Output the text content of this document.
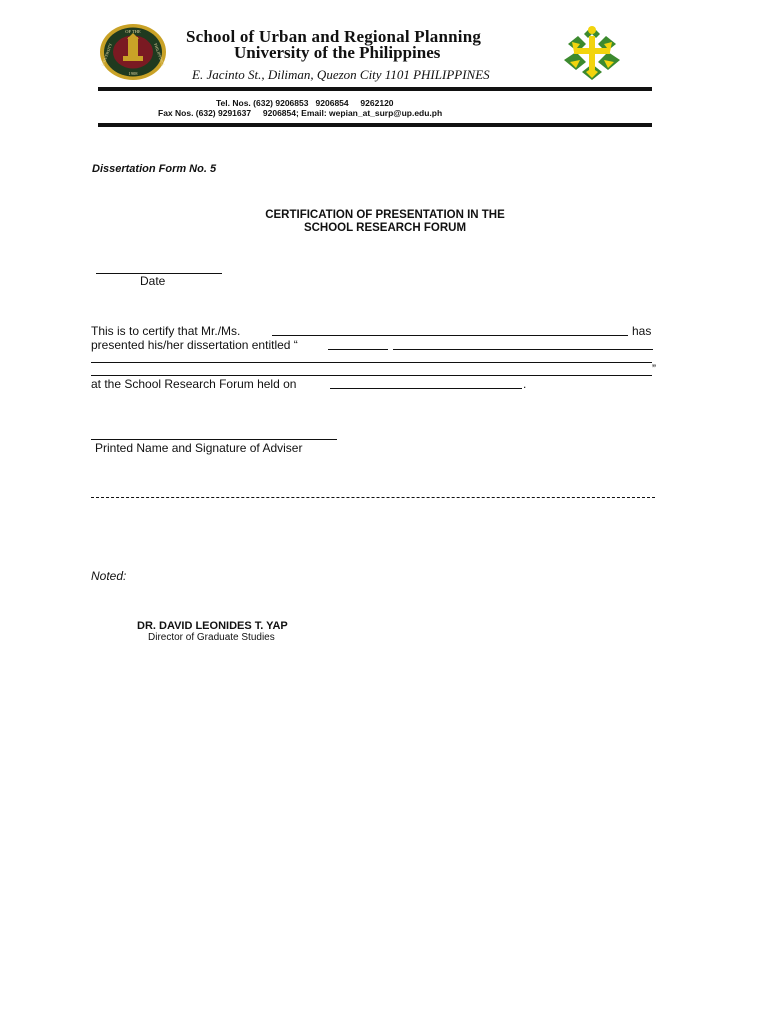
OF THE
UNIVERSITY	PHILIPPINES
1908
School of Urban and Regional Planning
University of the Philippines
E. Jacinto St., Diliman, Quezon City 1101 PHILIPPINES
Tel. Nos. (632) 9206853   9206854     9262120
Fax Nos. (632) 9291637     9206854; Email: wepian_at_surp@up.edu.ph
Dissertation Form No. 5
CERTIFICATION OF PRESENTATION IN THE
SCHOOL RESEARCH FORUM
Date
This is to certify that Mr./Ms.	has
presented his/her dissertation entitled “
”
at the School Research Forum held on	.
Printed Name and Signature of Adviser
Noted:
DR. DAVID LEONIDES T. YAP
Director of Graduate Studies
